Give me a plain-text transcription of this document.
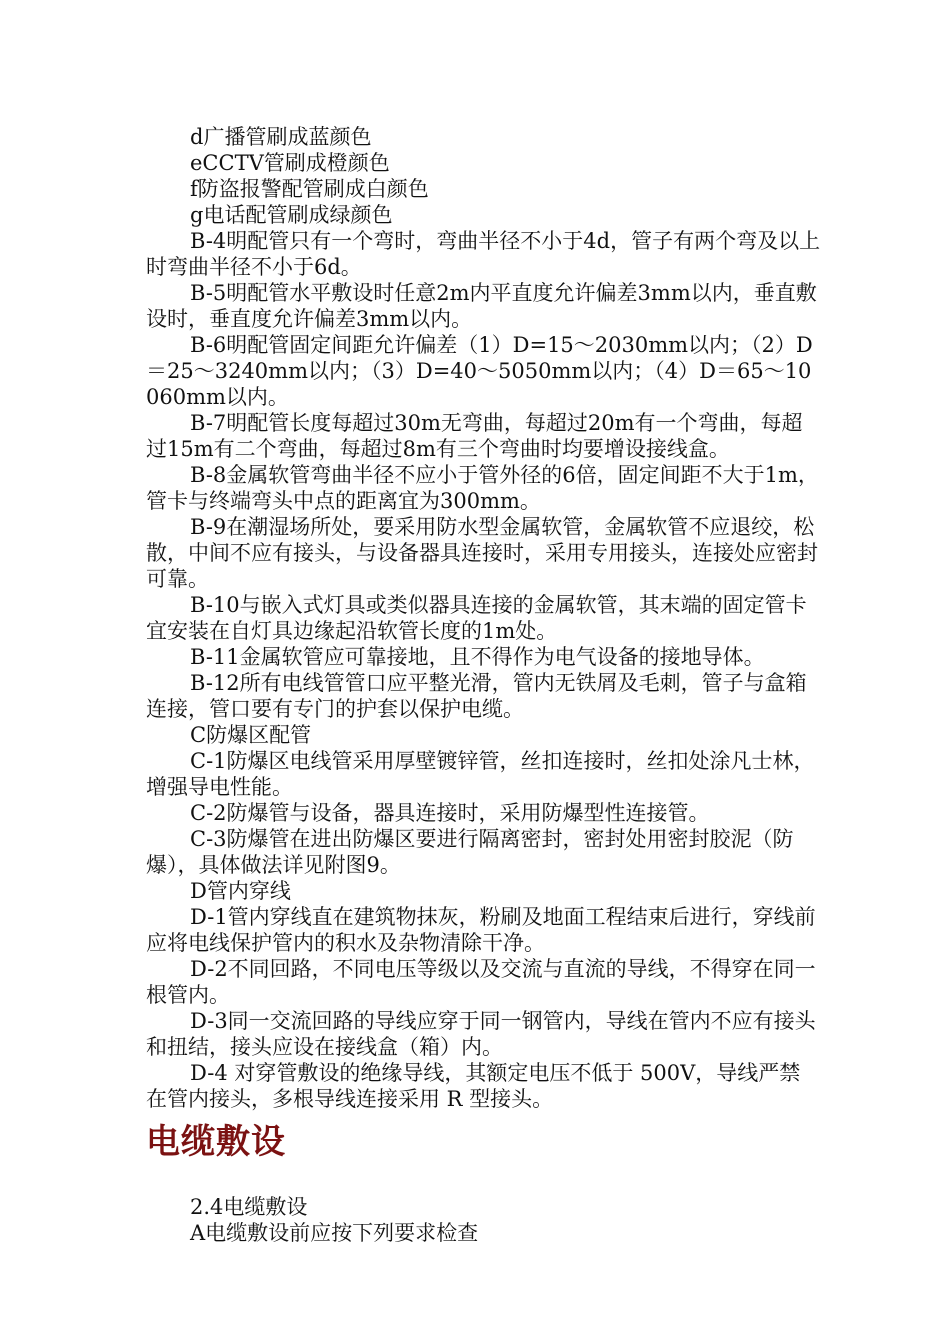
d广播管刷成蓝颜色

eCCTV管刷成橙颜色

f防盗报警配管刷成白颜色

g电话配管刷成绿颜色

B-4明配管只有一个弯时，弯曲半径不小于4d，管子有两个弯及以上时弯曲半径不小于6d。

B-5明配管水平敷设时任意2m内平直度允许偏差3mm以内，垂直敷设时，垂直度允许偏差3mm以内。

B-6明配管固定间距允许偏差（1）D=15～2030mm以内；（2）D＝25～3240mm以内；（3）D=40～5050mm以内；（4）D＝65～10060mm以内。

B-7明配管长度每超过30m无弯曲，每超过20m有一个弯曲，每超过15m有二个弯曲，每超过8m有三个弯曲时均要增设接线盒。

B-8金属软管弯曲半径不应小于管外径的6倍，固定间距不大于1m，管卡与终端弯头中点的距离宜为300mm。

B-9在潮湿场所处，要采用防水型金属软管，金属软管不应退绞，松散，中间不应有接头，与设备器具连接时，采用专用接头，连接处应密封可靠。

B-10与嵌入式灯具或类似器具连接的金属软管，其末端的固定管卡宜安装在自灯具边缘起沿软管长度的1m处。

B-11金属软管应可靠接地，且不得作为电气设备的接地导体。

B-12所有电线管管口应平整光滑，管内无铁屑及毛刺，管子与盒箱连接，管口要有专门的护套以保护电缆。

C防爆区配管

C-1防爆区电线管采用厚壁镀锌管，丝扣连接时，丝扣处涂凡士林，增强导电性能。

C-2防爆管与设备，器具连接时，采用防爆型性连接管。

C-3防爆管在进出防爆区要进行隔离密封，密封处用密封胶泥（防爆），具体做法详见附图9。

D管内穿线

D-1管内穿线直在建筑物抹灰，粉刷及地面工程结束后进行，穿线前应将电线保护管内的积水及杂物清除干净。

D-2不同回路，不同电压等级以及交流与直流的导线，不得穿在同一根管内。

D-3同一交流回路的导线应穿于同一钢管内，导线在管内不应有接头和扭结，接头应设在接线盒（箱）内。

D-4 对穿管敷设的绝缘导线，其额定电压不低于 500V，导线严禁在管内接头，多根导线连接采用 R 型接头。

电缆敷设

2.4电缆敷设

A电缆敷设前应按下列要求检查
